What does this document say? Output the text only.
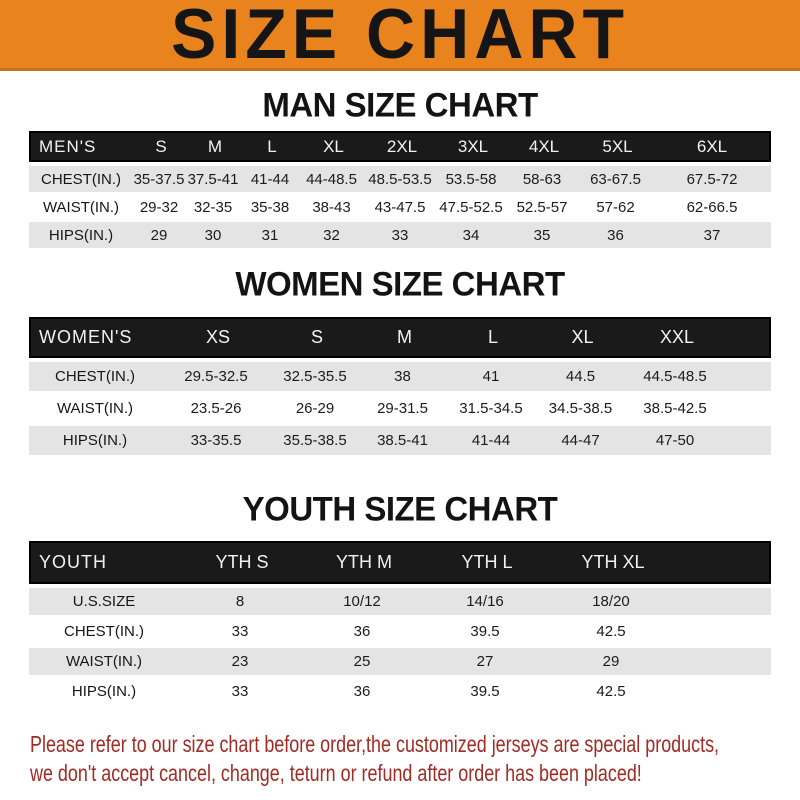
SIZE CHART
MAN SIZE CHART
MEN'S	S	M	L	XL	2XL	3XL	4XL	5XL	6XL
CHEST(IN.) 35-37.5 37.5-41 41-44	44-48.5 48.5-53.5 53.5-58	58-63	63-67.5	67.5-72
WAIST(IN.)	29-32	32-35	35-38	38-43	43-47.5 47.5-52.5 52.5-57	57-62	62-66.5
HIPS(IN.)	29	30	31	32	33	34	35	36	37
WOMEN SIZE CHART
WOMEN'S	XS	S	M	L	XL	XXL
CHEST(IN.)	29.5-32.5	32.5-35.5	38	41	44.5	44.5-48.5
WAIST(IN.)	23.5-26	26-29	29-31.5	31.5-34.5	34.5-38.5	38.5-42.5
HIPS(IN.)	33-35.5	35.5-38.5	38.5-41	41-44	44-47	47-50
YOUTH SIZE CHART
YOUTH	YTH S	YTH M	YTH L	YTH XL
U.S.SIZE	8	10/12	14/16	18/20
CHEST(IN.)	33	36	39.5	42.5
WAIST(IN.)	23	25	27	29
HIPS(IN.)	33	36	39.5	42.5
Please refer to our size chart before order,the customized jerseys are special products,
we don't accept cancel, change, teturn or refund after order has been placed!
